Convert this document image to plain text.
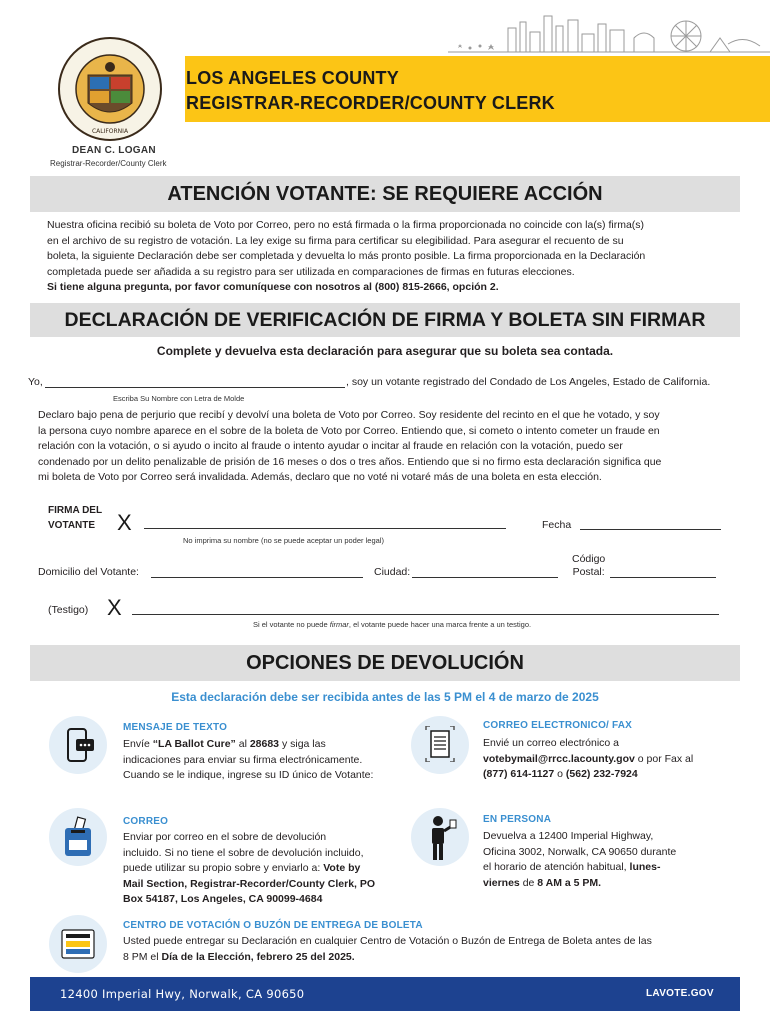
CALIFORNIA
LOS ANGELES COUNTY
REGISTRAR-RECORDER/COUNTY CLERK
DEAN C. LOGAN
Registrar-Recorder/County Clerk
ATENCIÓN VOTANTE: SE REQUIERE ACCIÓN
Nuestra oficina recibió su boleta de Voto por Correo, pero no está firmada o la firma proporcionada no coincide con la(s) firma(s)
en el archivo de su registro de votación. La ley exige su firma para certificar su elegibilidad. Para asegurar el recuento de su
boleta, la siguiente Declaración debe ser completada y devuelta lo más pronto posible. La firma proporcionada en la Declaración
completada puede ser añadida a su registro para ser utilizada en comparaciones de firmas en futuras elecciones.
Si tiene alguna pregunta, por favor comuníquese con nosotros al (800) 815-2666, opción 2.
DECLARACIÓN DE VERIFICACIÓN DE FIRMA Y BOLETA SIN FIRMAR
Complete y devuelva esta declaración para asegurar que su boleta sea contada.
Yo,	, soy un votante registrado del Condado de Los Angeles, Estado de California.
Escriba Su Nombre con Letra de Molde
Declaro bajo pena de perjurio que recibí y devolví una boleta de Voto por Correo. Soy residente del recinto en el que he votado, y soy
la persona cuyo nombre aparece en el sobre de la boleta de Voto por Correo. Entiendo que, si cometo o intento cometer un fraude en
relación con la votación, o si ayudo o incito al fraude o intento ayudar o incitar al fraude en relación con la votación, puedo ser
condenado por un delito penalizable de prisión de 16 meses o dos o tres años. Entiendo que si no firmo esta declaración significa que
mi boleta de Voto por Correo será invalidada. Además, declaro que no voté ni votaré más de una boleta en esta elección.
FIRMA DEL
VOTANTE X
No imprima su nombre (no se puede aceptar un poder legal)
Fecha
Domicilio del Votante:	Ciudad:
Código
Postal:
(Testigo) X
Si el votante no puede firmar, el votante puede hacer una marca frente a un testigo.
OPCIONES DE DEVOLUCIÓN
Esta declaración debe ser recibida antes de las 5 PM el 4 de marzo de 2025
MENSAJE DE TEXTO
Envíe “LA Ballot Cure” al 28683 y siga las
indicaciones para enviar su firma electrónicamente.
Cuando se le indique, ingrese su ID único de Votante:
CORREO ELECTRONICO/ FAX
Envié un correo electrónico a
votebymail@rrcc.lacounty.gov o por Fax al
(877) 614-1127 o (562) 232-7924
CORREO
Enviar por correo en el sobre de devolución
incluido. Si no tiene el sobre de devolución incluido,
puede utilizar su propio sobre y enviarlo a: Vote by
Mail Section, Registrar-Recorder/County Clerk, PO
Box 54187, Los Angeles, CA 90099-4684
EN PERSONA
Devuelva a 12400 Imperial Highway,
Oficina 3002, Norwalk, CA 90650 durante
el horario de atención habitual, lunes-
viernes de 8 AM a 5 PM.
CENTRO DE VOTACIÓN O BUZÓN DE ENTREGA DE BOLETA
Usted puede entregar su Declaración en cualquier Centro de Votación o Buzón de Entrega de Boleta antes de las
8 PM el Día de la Elección, febrero 25 del 2025.
12400 Imperial Hwy, Norwalk, CA 90650	LAVOTE.GOV
